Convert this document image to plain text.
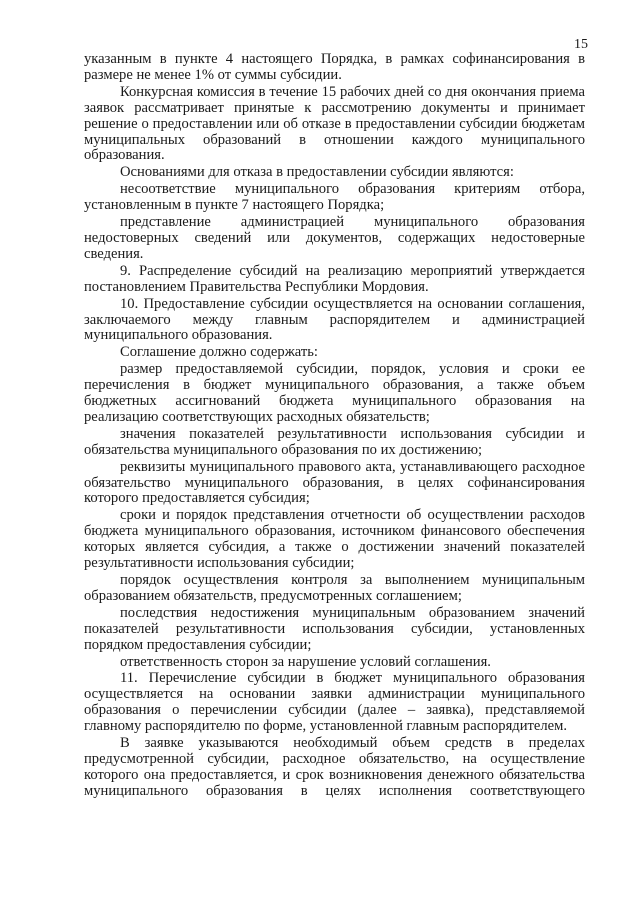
15

указанным в пункте 4 настоящего Порядка, в рамках софинансирования в размере не менее 1% от суммы субсидии.

Конкурсная комиссия в течение 15 рабочих дней со дня окончания приема заявок рассматривает принятые к рассмотрению документы и принимает решение о предоставлении или об отказе в предоставлении субсидии бюджетам муниципальных образований в отношении каждого муниципального образования.

Основаниями для отказа в предоставлении субсидии являются:

несоответствие муниципального образования критериям отбора, установленным в пункте 7 настоящего Порядка;

представление администрацией муниципального образования недостоверных сведений или документов, содержащих недостоверные сведения.

9. Распределение субсидий на реализацию мероприятий утверждается постановлением Правительства Республики Мордовия.

10. Предоставление субсидии осуществляется на основании соглашения, заключаемого между главным распорядителем и администрацией муниципального образования.

Соглашение должно содержать:

размер предоставляемой субсидии, порядок, условия и сроки ее перечисления в бюджет муниципального образования, а также объем бюджетных ассигнований бюджета муниципального образования на реализацию соответствующих расходных обязательств;

значения показателей результативности использования субсидии и обязательства муниципального образования по их достижению;

реквизиты муниципального правового акта, устанавливающего расходное обязательство муниципального образования, в целях софинансирования которого предоставляется субсидия;

сроки и порядок представления отчетности об осуществлении расходов бюджета муниципального образования, источником финансового обеспечения которых является субсидия, а также о достижении значений показателей результативности использования субсидии;

порядок осуществления контроля за выполнением муниципальным образованием обязательств, предусмотренных соглашением;

последствия недостижения муниципальным образованием значений показателей результативности использования субсидии, установленных порядком предоставления субсидии;

ответственность сторон за нарушение условий соглашения.

11. Перечисление субсидии в бюджет муниципального образования осуществляется на основании заявки администрации муниципального образования о перечислении субсидии (далее – заявка), представляемой главному распорядителю по форме, установленной главным распорядителем.

В заявке указываются необходимый объем средств в пределах предусмотренной субсидии, расходное обязательство, на осуществление которого она предоставляется, и срок возникновения денежного обязательства муниципального образования в целях исполнения соответствующего
